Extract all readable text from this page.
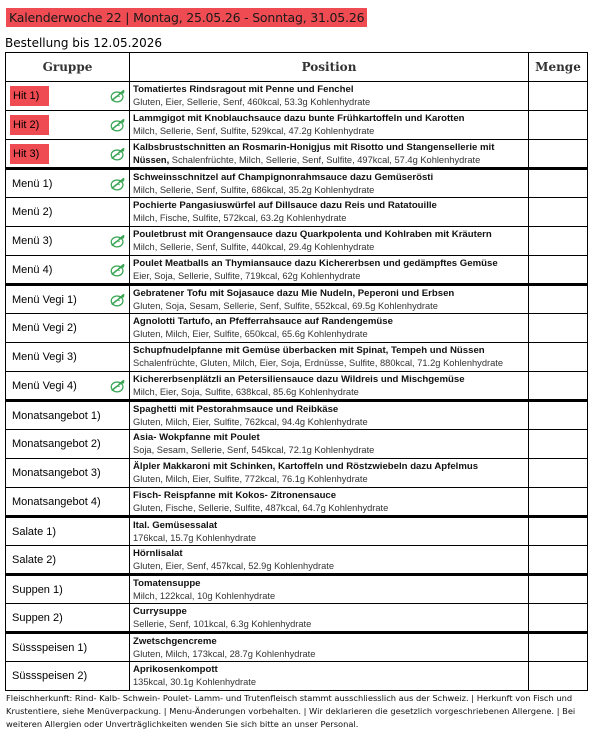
Kalenderwoche 22 | Montag, 25.05.26 - Sonntag, 31.05.26
Bestellung bis 12.05.2026
Gruppe	Position	Menge
Hit 1)	Tomatiertes Rindsragout mit Penne und Fenchel
Gluten, Eier, Sellerie, Senf, 460kcal, 53.3g Kohlenhydrate	

Hit 2)	Lammgigot mit Knoblauchsauce dazu bunte Frühkartoffeln und Karotten
Milch, Sellerie, Senf, Sulfite, 529kcal, 47.2g Kohlenhydrate	

Hit 3)	Kalbsbrustschnitten an Rosmarin-Honigjus mit Risotto und Stangensellerie mit
Nüssen, Schalenfrüchte, Milch, Sellerie, Senf, Sulfite, 497kcal, 57.4g Kohlenhydrate	

Menü 1)	Schweinsschnitzel auf Champignonrahmsauce dazu Gemüserösti
Milch, Sellerie, Senf, Sulfite, 686kcal, 35.2g Kohlenhydrate	

Menü 2)	Pochierte Pangasiuswürfel auf Dillsauce dazu Reis und Ratatouille
Milch, Fische, Sulfite, 572kcal, 63.2g Kohlenhydrate	

Menü 3)	Pouletbrust mit Orangensauce dazu Quarkpolenta und Kohlraben mit Kräutern
Milch, Sellerie, Senf, Sulfite, 440kcal, 29.4g Kohlenhydrate	

Menü 4)	Poulet Meatballs an Thymiansauce dazu Kichererbsen und gedämpftes Gemüse
Eier, Soja, Sellerie, Sulfite, 719kcal, 62g Kohlenhydrate	

Menü Vegi 1)	Gebratener Tofu mit Sojasauce dazu Mie Nudeln, Peperoni und Erbsen
Gluten, Soja, Sesam, Sellerie, Senf, Sulfite, 552kcal, 69.5g Kohlenhydrate	

Menü Vegi 2)	Agnolotti Tartufo, an Pfefferrahsauce auf Randengemüse
Gluten, Milch, Eier, Sulfite, 650kcal, 65.6g Kohlenhydrate	

Menü Vegi 3)	Schupfnudelpfanne mit Gemüse überbacken mit Spinat, Tempeh und Nüssen
Schalenfrüchte, Gluten, Milch, Eier, Soja, Erdnüsse, Sulfite, 880kcal, 71.2g Kohlenhydrate	

Menü Vegi 4)	Kichererbsenplätzli an Petersiliensauce dazu Wildreis und Mischgemüse
Milch, Eier, Soja, Sulfite, 638kcal, 85.6g Kohlenhydrate	

Monatsangebot 1)	Spaghetti mit Pestorahmsauce und Reibkäse
Gluten, Milch, Eier, Sulfite, 762kcal, 94.4g Kohlenhydrate	

Monatsangebot 2)	Asia- Wokpfanne mit Poulet
Soja, Sesam, Sellerie, Senf, 545kcal, 72.1g Kohlenhydrate	

Monatsangebot 3)	Älpler Makkaroni mit Schinken, Kartoffeln und Röstzwiebeln dazu Apfelmus
Gluten, Milch, Eier, Sulfite, 772kcal, 76.1g Kohlenhydrate	

Monatsangebot 4)	Fisch- Reispfanne mit Kokos- Zitronensauce
Gluten, Fische, Sellerie, Sulfite, 487kcal, 64.7g Kohlenhydrate	

Salate 1)	Ital. Gemüsessalat
176kcal, 15.7g Kohlenhydrate	

Salate 2)	Hörnlisalat
Gluten, Eier, Senf, 457kcal, 52.9g Kohlenhydrate	

Suppen 1)	Tomatensuppe
Milch, 122kcal, 10g Kohlenhydrate	

Suppen 2)	Currysuppe
Sellerie, Senf, 101kcal, 6.3g Kohlenhydrate	

Süssspeisen 1)	Zwetschgencreme
Gluten, Milch, 173kcal, 28.7g Kohlenhydrate	

Süssspeisen 2)	Aprikosenkompott
135kcal, 30.1g Kohlenhydrate	

Fleischherkunft: Rind- Kalb- Schwein- Poulet- Lamm- und Trutenfleisch stammt ausschliesslich aus der Schweiz. | Herkunft von Fisch und Krustentiere, siehe Menüverpackung. | Menu-Änderungen vorbehalten. | Wir deklarieren die gesetzlich vorgeschriebenen Allergene. | Bei weiteren Allergien oder Unverträglichkeiten wenden Sie sich bitte an unser Personal.
